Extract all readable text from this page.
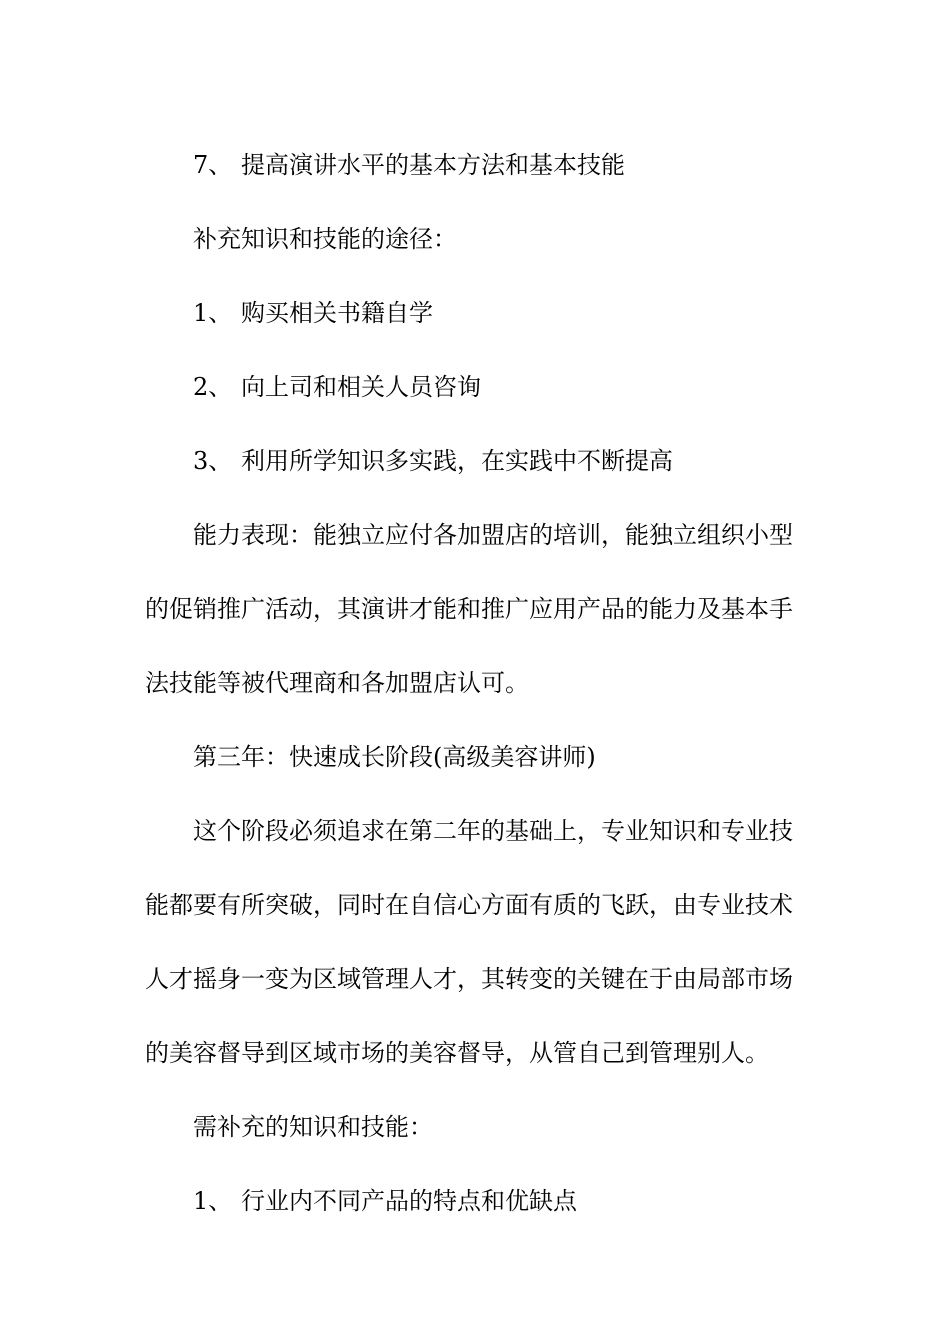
7、 提高演讲水平的基本方法和基本技能

补充知识和技能的途径：

1、 购买相关书籍自学

2、 向上司和相关人员咨询

3、 利用所学知识多实践，在实践中不断提高

能力表现：能独立应付各加盟店的培训，能独立组织小型

的促销推广活动，其演讲才能和推广应用产品的能力及基本手

法技能等被代理商和各加盟店认可。

第三年：快速成长阶段(高级美容讲师)

这个阶段必须追求在第二年的基础上，专业知识和专业技

能都要有所突破，同时在自信心方面有质的飞跃，由专业技术

人才摇身一变为区域管理人才，其转变的关键在于由局部市场

的美容督导到区域市场的美容督导，从管自己到管理别人。

需补充的知识和技能：

1、 行业内不同产品的特点和优缺点
